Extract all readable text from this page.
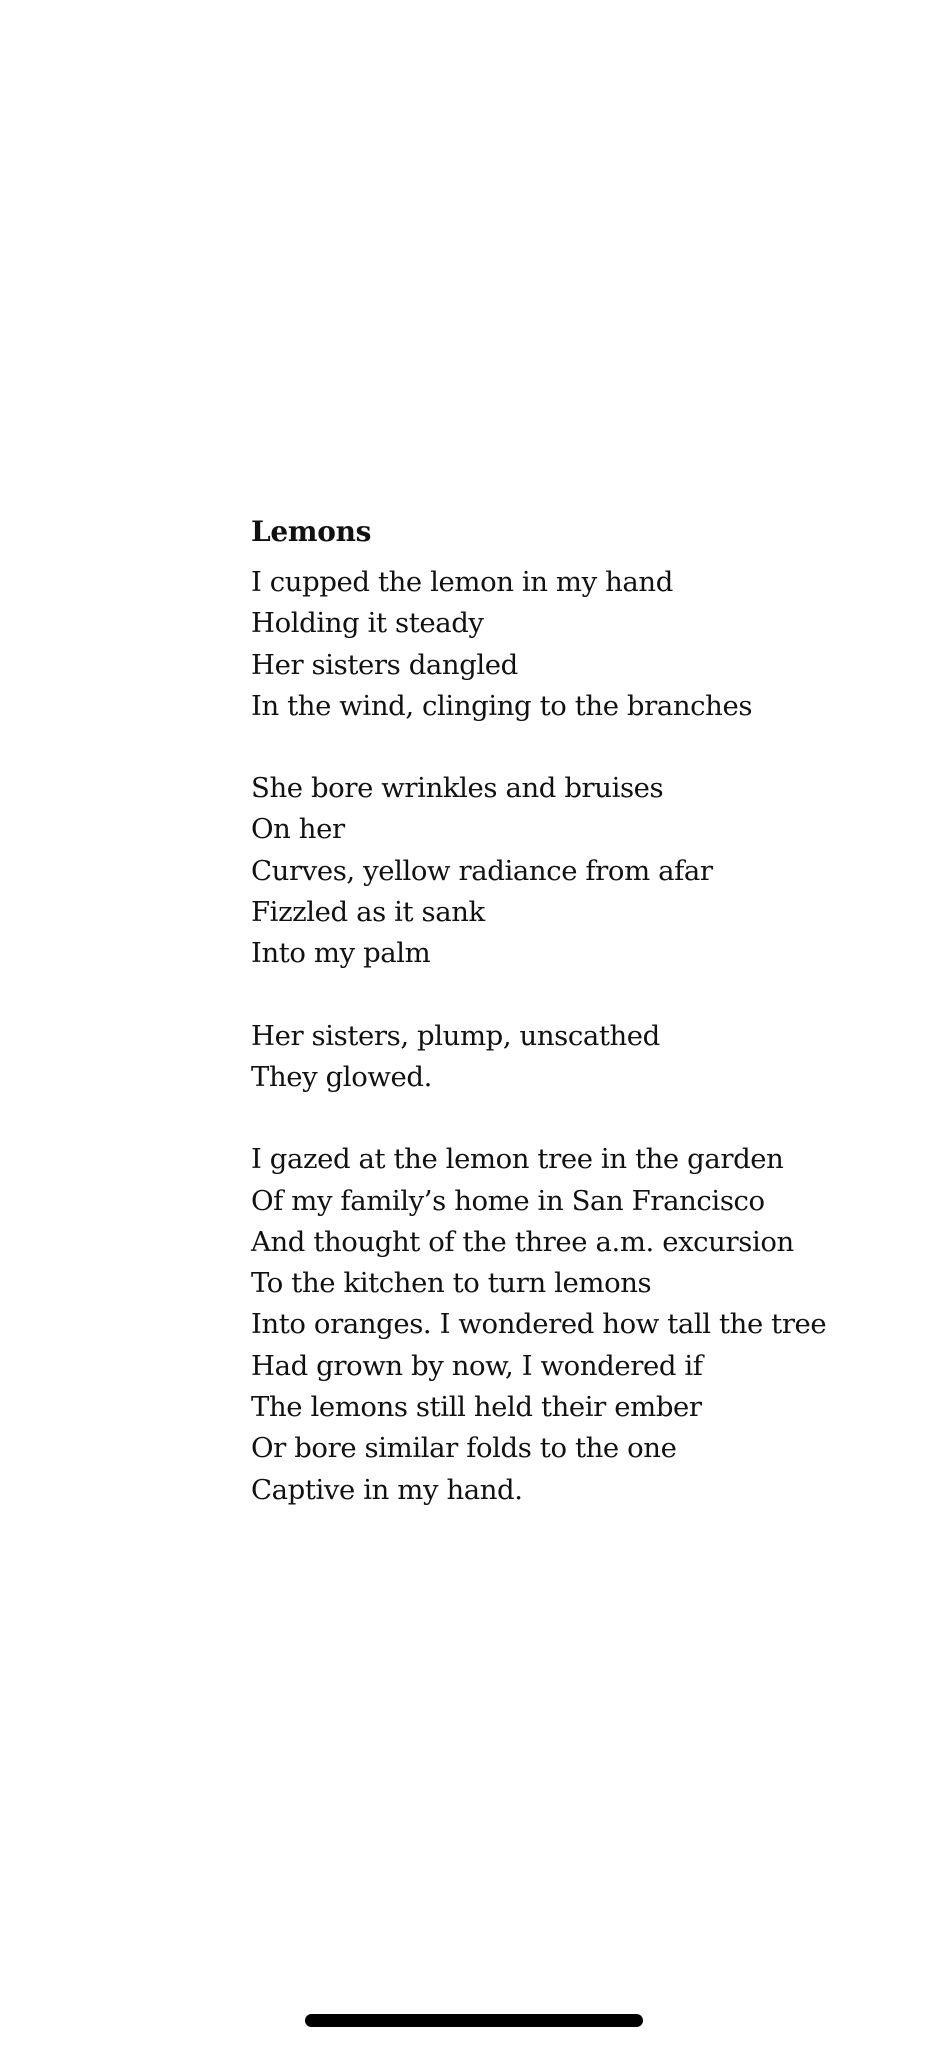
Lemons
I cupped the lemon in my hand
Holding it steady
Her sisters dangled
In the wind, clinging to the branches
She bore wrinkles and bruises
On her
Curves, yellow radiance from afar
Fizzled as it sank
Into my palm
Her sisters, plump, unscathed
They glowed.
I gazed at the lemon tree in the garden
Of my family’s home in San Francisco
And thought of the three a.m. excursion
To the kitchen to turn lemons
Into oranges. I wondered how tall the tree
Had grown by now, I wondered if
The lemons still held their ember
Or bore similar folds to the one
Captive in my hand.
